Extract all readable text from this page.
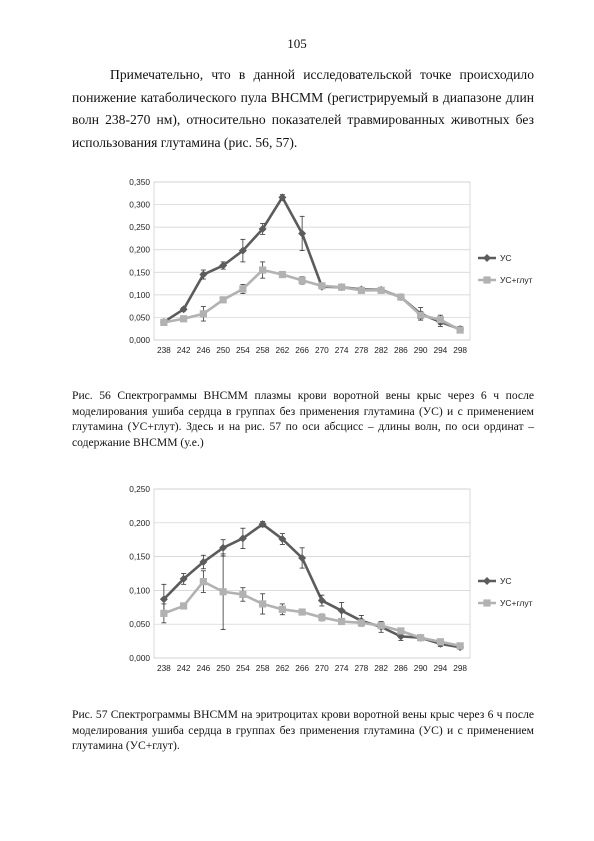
105

Примечательно, что в данной исследовательской точке происходило понижение катаболического пула ВНСММ (регистрируемый в диапазоне длин волн 238-270 нм), относительно показателей травмированных животных без использования глутамина (рис. 56, 57).

0,000
0,050
0,100
0,150
0,200
0,250
0,300
0,350
238 242 246 250 254 258 262 266 270 274 278 282 286 290 294 298
УС
УС+глут
0,000
0,050
0,100
0,150
0,200
0,250
238 242 246 250 254 258 262 266 270 274 278 282 286 290 294 298
УС
УС+глут

Рис. 56 Спектрограммы ВНСММ плазмы крови воротной вены крыс через 6 ч после моделирования ушиба сердца в группах без применения глутамина (УС) и с применением глутамина (УС+глут). Здесь и на рис. 57 по оси абсцисс – длины волн, по оси ординат – содержание ВНСММ (у.е.)

Рис. 57 Спектрограммы ВНСММ на эритроцитах крови воротной вены крыс через 6 ч после моделирования ушиба сердца в группах без применения глутамина (УС) и с применением глутамина (УС+глут).
